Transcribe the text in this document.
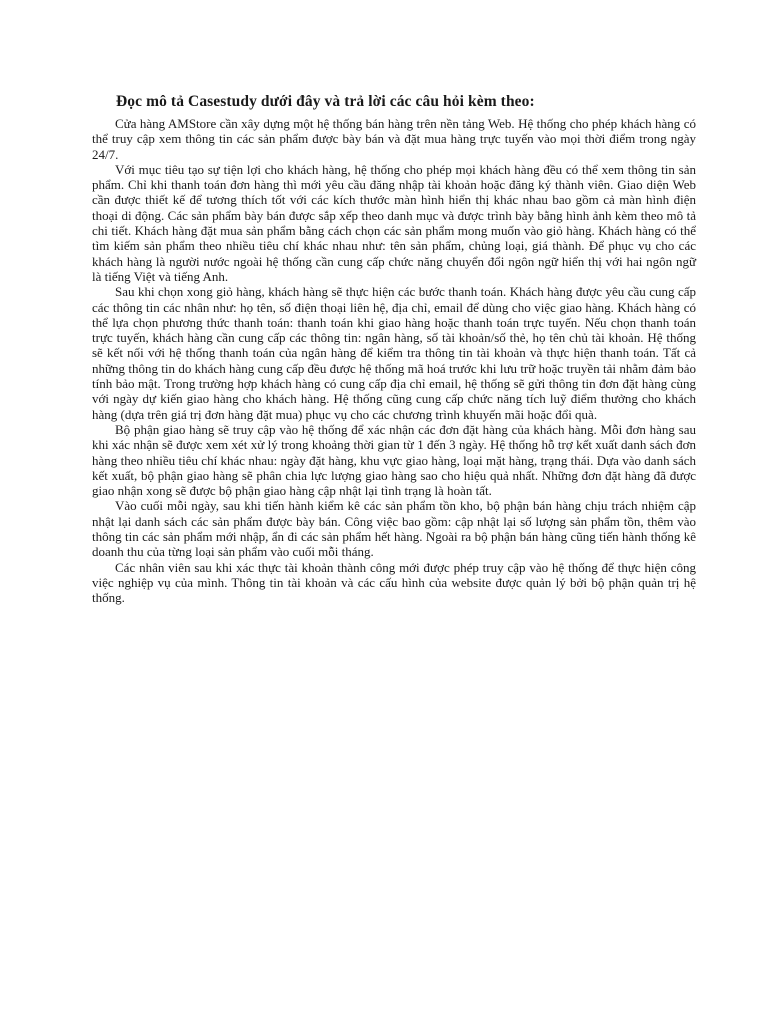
Đọc mô tả Casestudy dưới đây và trả lời các câu hỏi kèm theo:

Cửa hàng AMStore cần xây dựng một hệ thống bán hàng trên nền tảng Web. Hệ thống cho phép khách hàng có thể truy cập xem thông tin các sản phẩm được bày bán và đặt mua hàng trực tuyến vào mọi thời điểm trong ngày 24/7.

Với mục tiêu tạo sự tiện lợi cho khách hàng, hệ thống cho phép mọi khách hàng đều có thể xem thông tin sản phẩm. Chỉ khi thanh toán đơn hàng thì mới yêu cầu đăng nhập tài khoản hoặc đăng ký thành viên. Giao diện Web cần được thiết kế để tương thích tốt với các kích thước màn hình hiển thị khác nhau bao gồm cả màn hình điện thoại di động. Các sản phẩm bày bán được sắp xếp theo danh mục và được trình bày bằng hình ảnh kèm theo mô tả chi tiết. Khách hàng đặt mua sản phẩm bằng cách chọn các sản phẩm mong muốn vào giỏ hàng. Khách hàng có thể tìm kiếm sản phẩm theo nhiều tiêu chí khác nhau như: tên sản phẩm, chủng loại, giá thành. Để phục vụ cho các khách hàng là người nước ngoài hệ thống cần cung cấp chức năng chuyển đổi ngôn ngữ hiển thị với hai ngôn ngữ là tiếng Việt và tiếng Anh.

Sau khi chọn xong giỏ hàng, khách hàng sẽ thực hiện các bước thanh toán. Khách hàng được yêu cầu cung cấp các thông tin các nhân như: họ tên, số điện thoại liên hệ, địa chỉ, email để dùng cho việc giao hàng. Khách hàng có thể lựa chọn phương thức thanh toán: thanh toán khi giao hàng hoặc thanh toán trực tuyến. Nếu chọn thanh toán trực tuyến, khách hàng cần cung cấp các thông tin: ngân hàng, số tài khoản/số thẻ, họ tên chủ tài khoản. Hệ thống sẽ kết nối với hệ thống thanh toán của ngân hàng để kiểm tra thông tin tài khoản và thực hiện thanh toán. Tất cả những thông tin do khách hàng cung cấp đều được hệ thống mã hoá trước khi lưu trữ hoặc truyền tải nhằm đảm bảo tính bảo mật. Trong trường hợp khách hàng có cung cấp địa chỉ email, hệ thống sẽ gửi thông tin đơn đặt hàng cùng với ngày dự kiến giao hàng cho khách hàng. Hệ thống cũng cung cấp chức năng tích luỹ điểm thưởng cho khách hàng (dựa trên giá trị đơn hàng đặt mua) phục vụ cho các chương trình khuyến mãi hoặc đổi quà.

Bộ phận giao hàng sẽ truy cập vào hệ thống để xác nhận các đơn đặt hàng của khách hàng. Mỗi đơn hàng sau khi xác nhận sẽ được xem xét xử lý trong khoảng thời gian từ 1 đến 3 ngày. Hệ thống hỗ trợ kết xuất danh sách đơn hàng theo nhiều tiêu chí khác nhau: ngày đặt hàng, khu vực giao hàng, loại mặt hàng, trạng thái. Dựa vào danh sách kết xuất, bộ phận giao hàng sẽ phân chia lực lượng giao hàng sao cho hiệu quả nhất. Những đơn đặt hàng đã được giao nhận xong sẽ được bộ phận giao hàng cập nhật lại tình trạng là hoàn tất.

Vào cuối mỗi ngày, sau khi tiến hành kiểm kê các sản phẩm tồn kho, bộ phận bán hàng chịu trách nhiệm cập nhật lại danh sách các sản phẩm được bày bán. Công việc bao gồm: cập nhật lại số lượng sản phẩm tồn, thêm vào thông tin các sản phẩm mới nhập, ẩn đi các sản phẩm hết hàng. Ngoài ra bộ phận bán hàng cũng tiến hành thống kê doanh thu của từng loại sản phẩm vào cuối mỗi tháng.

Các nhân viên sau khi xác thực tài khoản thành công mới được phép truy cập vào hệ thống để thực hiện công việc nghiệp vụ của mình. Thông tin tài khoản và các cấu hình của website được quản lý bởi bộ phận quản trị hệ thống.
